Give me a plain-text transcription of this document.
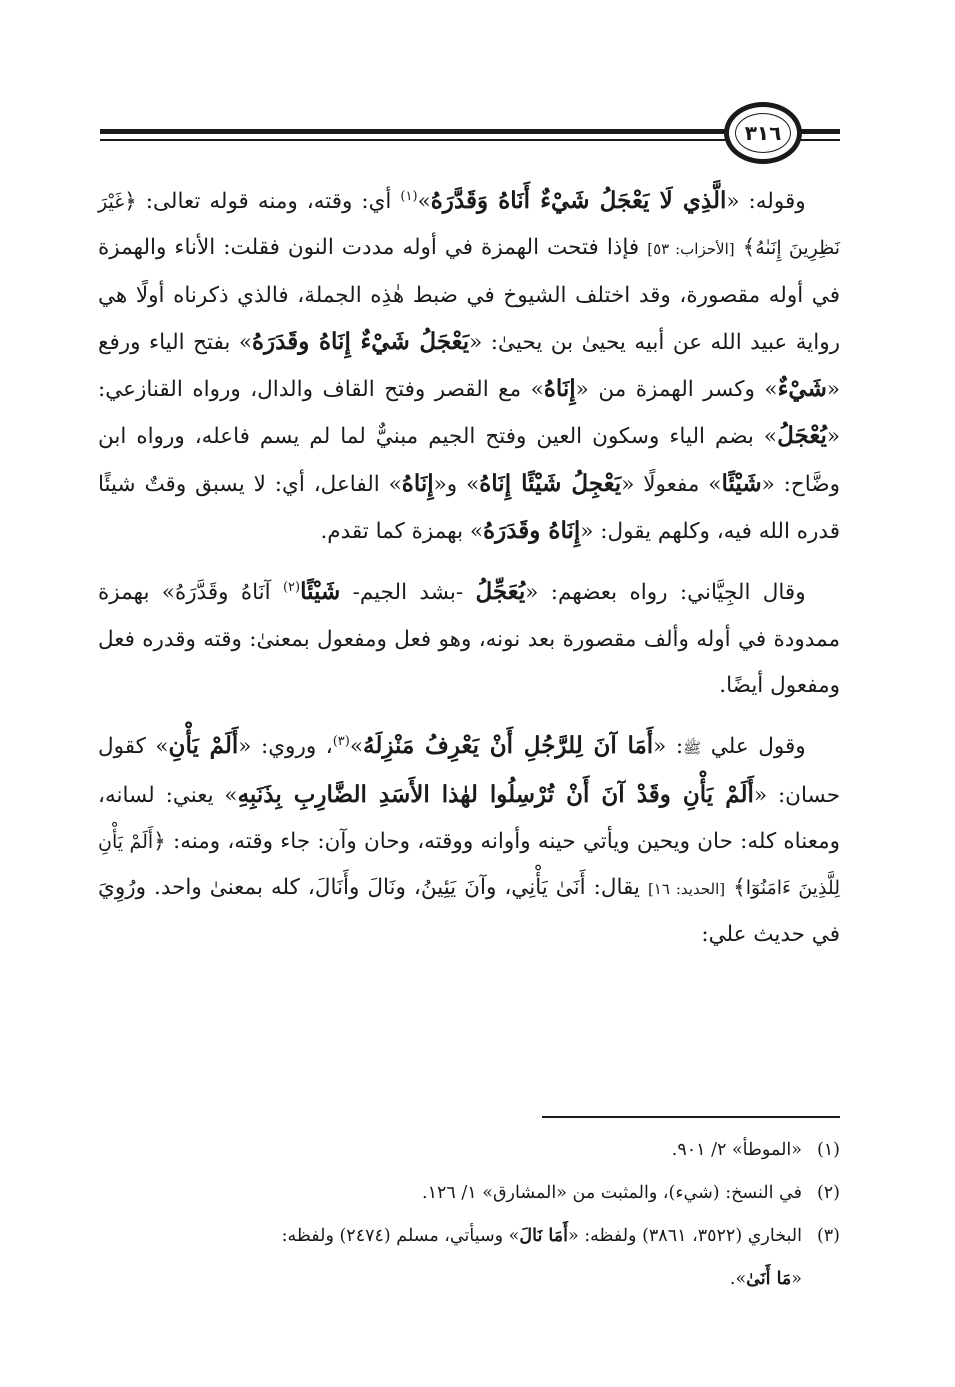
٣١٦

وقوله: «الَّذِي لَا يَعْجَلُ شَيْءٌ أَنَاهُ وَقَدَّرَهُ»$^{(١)}$ أي: وقته، ومنه قوله تعالى: ﴿غَيْرَ نَظِرِينَ إِنَىٰهُ﴾ [الأحزاب: ٥٣] فإذا فتحت الهمزة في أوله مددت النون فقلت: الأناء والهمزة في أوله مقصورة، وقد اختلف الشيوخ في ضبط هٰذِه الجملة، فالذي ذكرناه أولًا هي رواية عبيد الله عن أبيه يحيىٰ بن يحيىٰ: «يَعْجَلُ شَيْءٌ إِنَاهُ وقَدَرَهُ» بفتح الياء ورفع «شَيْءٌ» وكسر الهمزة من «إِنَاهُ» مع القصر وفتح القاف والدال، ورواه القنازعي: «يُعْجَلُ» بضم الياء وسكون العين وفتح الجيم مبنيٌّ لما لم يسم فاعله، ورواه ابن وضَّاح: «شَيْئًا» مفعولًا «يَعْجِلُ شَيْئًا إِنَاهُ» و«إِنَاهُ» الفاعل، أي: لا يسبق وقتٌ شيئًا قدره الله فيه، وكلهم يقول: «إِنَاهُ وقَدَرَهُ» بهمزة كما تقدم.

وقال الجِيَّاني: رواه بعضهم: «يُعَجِّلُ -بشد الجيم- شَيْئًا$^{(٢)}$ آنَاهُ وقَدَّرَهُ» بهمزة ممدودة في أوله وألف مقصورة بعد نونه، وهو فعل ومفعول بمعنىٰ: وقته وقدره فعل ومفعول أيضًا.

وقول علي ﷺ: «أَمَا آنَ لِلرَّجُلِ أَنْ يَعْرِفُ مَنْزِلَهُ»$^{(٣)}$، وروي: «أَلَمْ يَأْنِ» كقول حسان: «أَلَمْ يَأْنِ وقَدْ آنَ أَنْ تُرْسِلُوا لهٰذا الأَسَدِ الضَّارِبِ بِذَنَبِهِ» يعني: لسانه، ومعناه كله: حان ويحين ويأتي حينه وأوانه ووقته، وحان وآن: جاء وقته، ومنه: ﴿أَلَمْ يَأْنِ لِلَّذِينَ ءَامَنُوٓا﴾ [الحديد: ١٦] يقال: أَنَىٰ يَأْنِي، وآنَ يَئِينُ، ونَالَ وأَنَالَ، كله بمعنىٰ واحد. ورُوِيَ في حديث علي:

(١)«الموطأ» ٢/ ٩٠١.

(٢)في النسخ: (شيء)، والمثبت من «المشارق» ١/ ١٢٦.

(٣)البخاري (٣٥٢٢، ٣٨٦١) ولفظه: «أَمَا نَالَ» وسيأتي، مسلم (٢٤٧٤) ولفظه:

«مَا أَنَىٰ».
